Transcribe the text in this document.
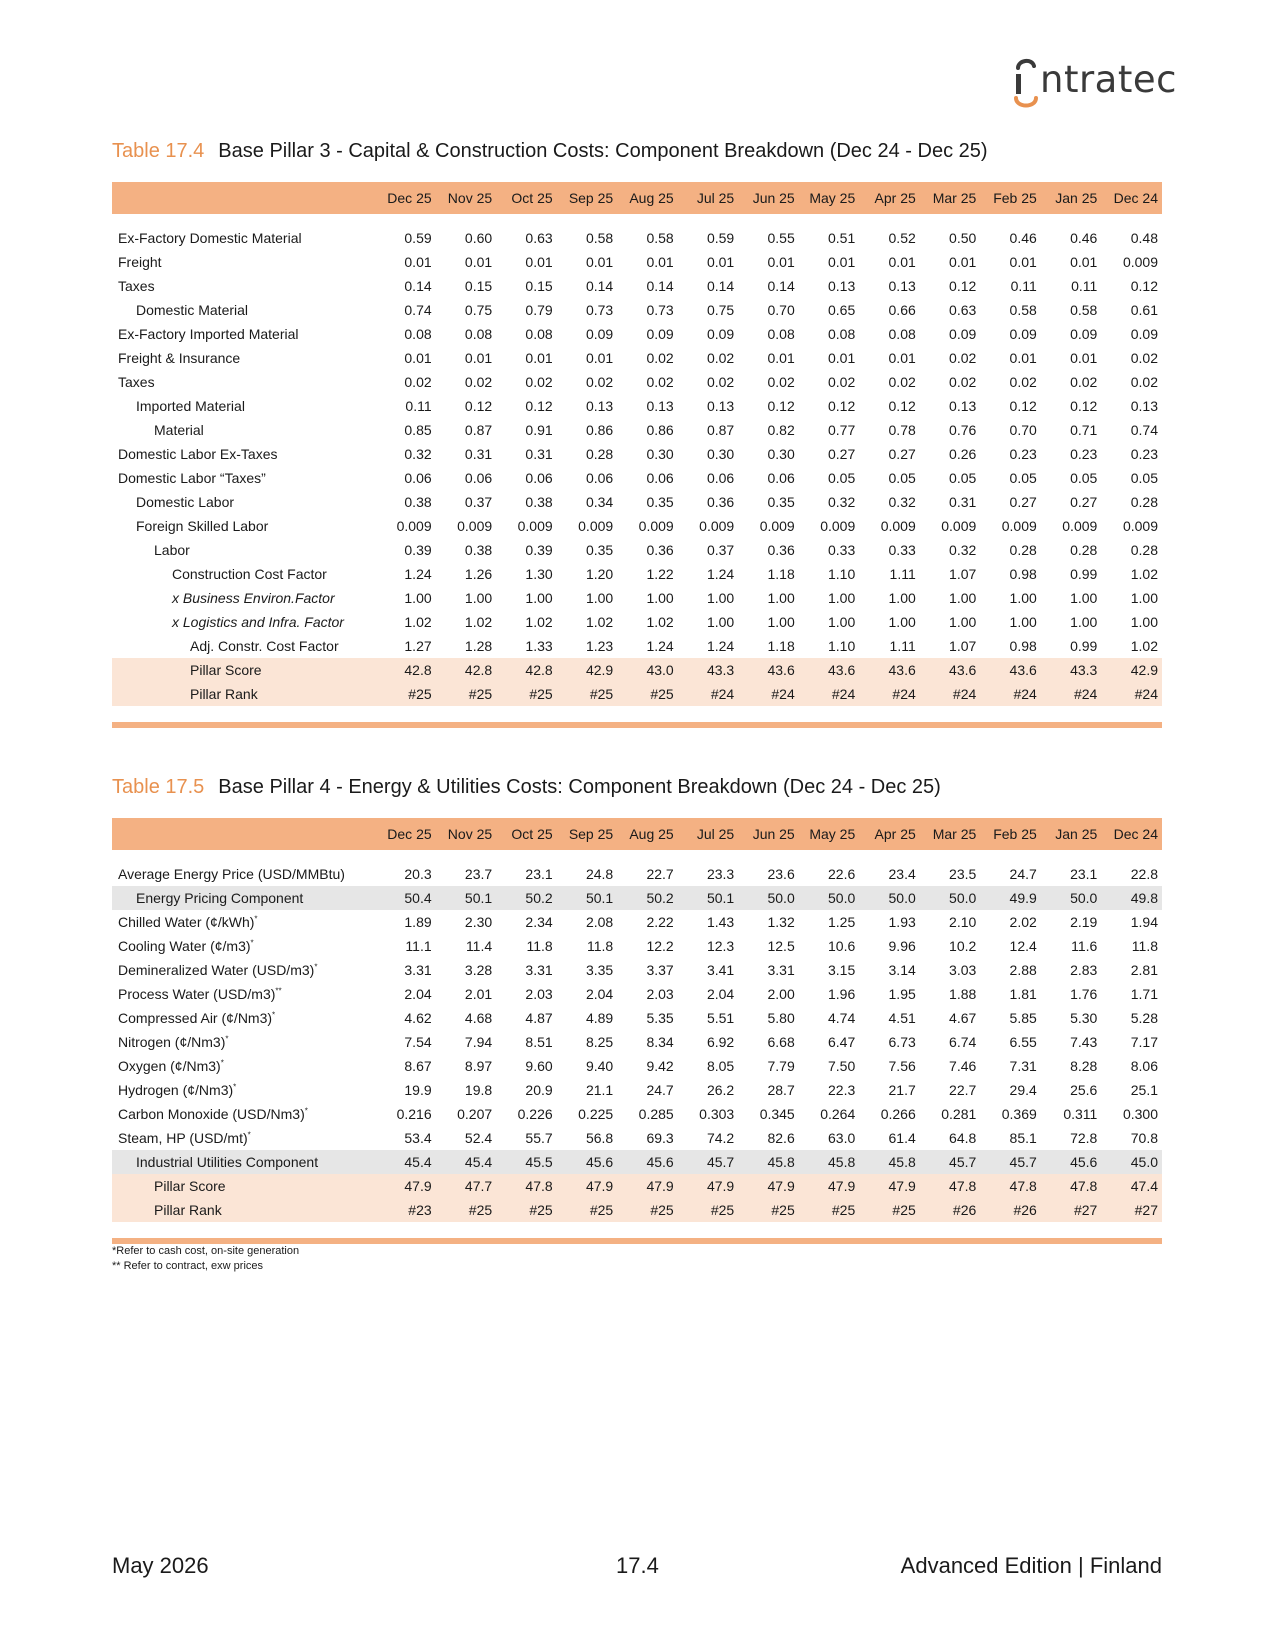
ntratec
Table 17.4 Base Pillar 3 - Capital & Construction Costs: Component Breakdown (Dec 24 - Dec 25)
	Dec 25	Nov 25	Oct 25	Sep 25	Aug 25	Jul 25	Jun 25	May 25	Apr 25	Mar 25	Feb 25	Jan 25	Dec 24

Ex-Factory Domestic Material	0.59	0.60	0.63	0.58	0.58	0.59	0.55	0.51	0.52	0.50	0.46	0.46	0.48
Freight	0.01	0.01	0.01	0.01	0.01	0.01	0.01	0.01	0.01	0.01	0.01	0.01	0.009
Taxes	0.14	0.15	0.15	0.14	0.14	0.14	0.14	0.13	0.13	0.12	0.11	0.11	0.12
Domestic Material	0.74	0.75	0.79	0.73	0.73	0.75	0.70	0.65	0.66	0.63	0.58	0.58	0.61
Ex-Factory Imported Material	0.08	0.08	0.08	0.09	0.09	0.09	0.08	0.08	0.08	0.09	0.09	0.09	0.09
Freight & Insurance	0.01	0.01	0.01	0.01	0.02	0.02	0.01	0.01	0.01	0.02	0.01	0.01	0.02
Taxes	0.02	0.02	0.02	0.02	0.02	0.02	0.02	0.02	0.02	0.02	0.02	0.02	0.02
Imported Material	0.11	0.12	0.12	0.13	0.13	0.13	0.12	0.12	0.12	0.13	0.12	0.12	0.13
Material	0.85	0.87	0.91	0.86	0.86	0.87	0.82	0.77	0.78	0.76	0.70	0.71	0.74
Domestic Labor Ex-Taxes	0.32	0.31	0.31	0.28	0.30	0.30	0.30	0.27	0.27	0.26	0.23	0.23	0.23
Domestic Labor “Taxes”	0.06	0.06	0.06	0.06	0.06	0.06	0.06	0.05	0.05	0.05	0.05	0.05	0.05
Domestic Labor	0.38	0.37	0.38	0.34	0.35	0.36	0.35	0.32	0.32	0.31	0.27	0.27	0.28
Foreign Skilled Labor	0.009	0.009	0.009	0.009	0.009	0.009	0.009	0.009	0.009	0.009	0.009	0.009	0.009
Labor	0.39	0.38	0.39	0.35	0.36	0.37	0.36	0.33	0.33	0.32	0.28	0.28	0.28
Construction Cost Factor	1.24	1.26	1.30	1.20	1.22	1.24	1.18	1.10	1.11	1.07	0.98	0.99	1.02
x Business Environ.Factor	1.00	1.00	1.00	1.00	1.00	1.00	1.00	1.00	1.00	1.00	1.00	1.00	1.00
x Logistics and Infra. Factor	1.02	1.02	1.02	1.02	1.02	1.00	1.00	1.00	1.00	1.00	1.00	1.00	1.00
Adj. Constr. Cost Factor	1.27	1.28	1.33	1.23	1.24	1.24	1.18	1.10	1.11	1.07	0.98	0.99	1.02
Pillar Score	42.8	42.8	42.8	42.9	43.0	43.3	43.6	43.6	43.6	43.6	43.6	43.3	42.9
Pillar Rank	#25	#25	#25	#25	#25	#24	#24	#24	#24	#24	#24	#24	#24

Table 17.5 Base Pillar 4 - Energy & Utilities Costs: Component Breakdown (Dec 24 - Dec 25)
	Dec 25	Nov 25	Oct 25	Sep 25	Aug 25	Jul 25	Jun 25	May 25	Apr 25	Mar 25	Feb 25	Jan 25	Dec 24

Average Energy Price (USD/MMBtu)	20.3	23.7	23.1	24.8	22.7	23.3	23.6	22.6	23.4	23.5	24.7	23.1	22.8
Energy Pricing Component	50.4	50.1	50.2	50.1	50.2	50.1	50.0	50.0	50.0	50.0	49.9	50.0	49.8
Chilled Water (¢/kWh)*	1.89	2.30	2.34	2.08	2.22	1.43	1.32	1.25	1.93	2.10	2.02	2.19	1.94
Cooling Water (¢/m3)*	11.1	11.4	11.8	11.8	12.2	12.3	12.5	10.6	9.96	10.2	12.4	11.6	11.8
Demineralized Water (USD/m3)*	3.31	3.28	3.31	3.35	3.37	3.41	3.31	3.15	3.14	3.03	2.88	2.83	2.81
Process Water (USD/m3)**	2.04	2.01	2.03	2.04	2.03	2.04	2.00	1.96	1.95	1.88	1.81	1.76	1.71
Compressed Air (¢/Nm3)*	4.62	4.68	4.87	4.89	5.35	5.51	5.80	4.74	4.51	4.67	5.85	5.30	5.28
Nitrogen (¢/Nm3)*	7.54	7.94	8.51	8.25	8.34	6.92	6.68	6.47	6.73	6.74	6.55	7.43	7.17
Oxygen (¢/Nm3)*	8.67	8.97	9.60	9.40	9.42	8.05	7.79	7.50	7.56	7.46	7.31	8.28	8.06
Hydrogen (¢/Nm3)*	19.9	19.8	20.9	21.1	24.7	26.2	28.7	22.3	21.7	22.7	29.4	25.6	25.1
Carbon Monoxide (USD/Nm3)*	0.216	0.207	0.226	0.225	0.285	0.303	0.345	0.264	0.266	0.281	0.369	0.311	0.300
Steam, HP (USD/mt)*	53.4	52.4	55.7	56.8	69.3	74.2	82.6	63.0	61.4	64.8	85.1	72.8	70.8
Industrial Utilities Component	45.4	45.4	45.5	45.6	45.6	45.7	45.8	45.8	45.8	45.7	45.7	45.6	45.0
Pillar Score	47.9	47.7	47.8	47.9	47.9	47.9	47.9	47.9	47.9	47.8	47.8	47.8	47.4
Pillar Rank	#23	#25	#25	#25	#25	#25	#25	#25	#25	#26	#26	#27	#27

*Refer to cash cost, on-site generation
** Refer to contract, exw prices
May 2026	17.4	Advanced Edition | Finland
